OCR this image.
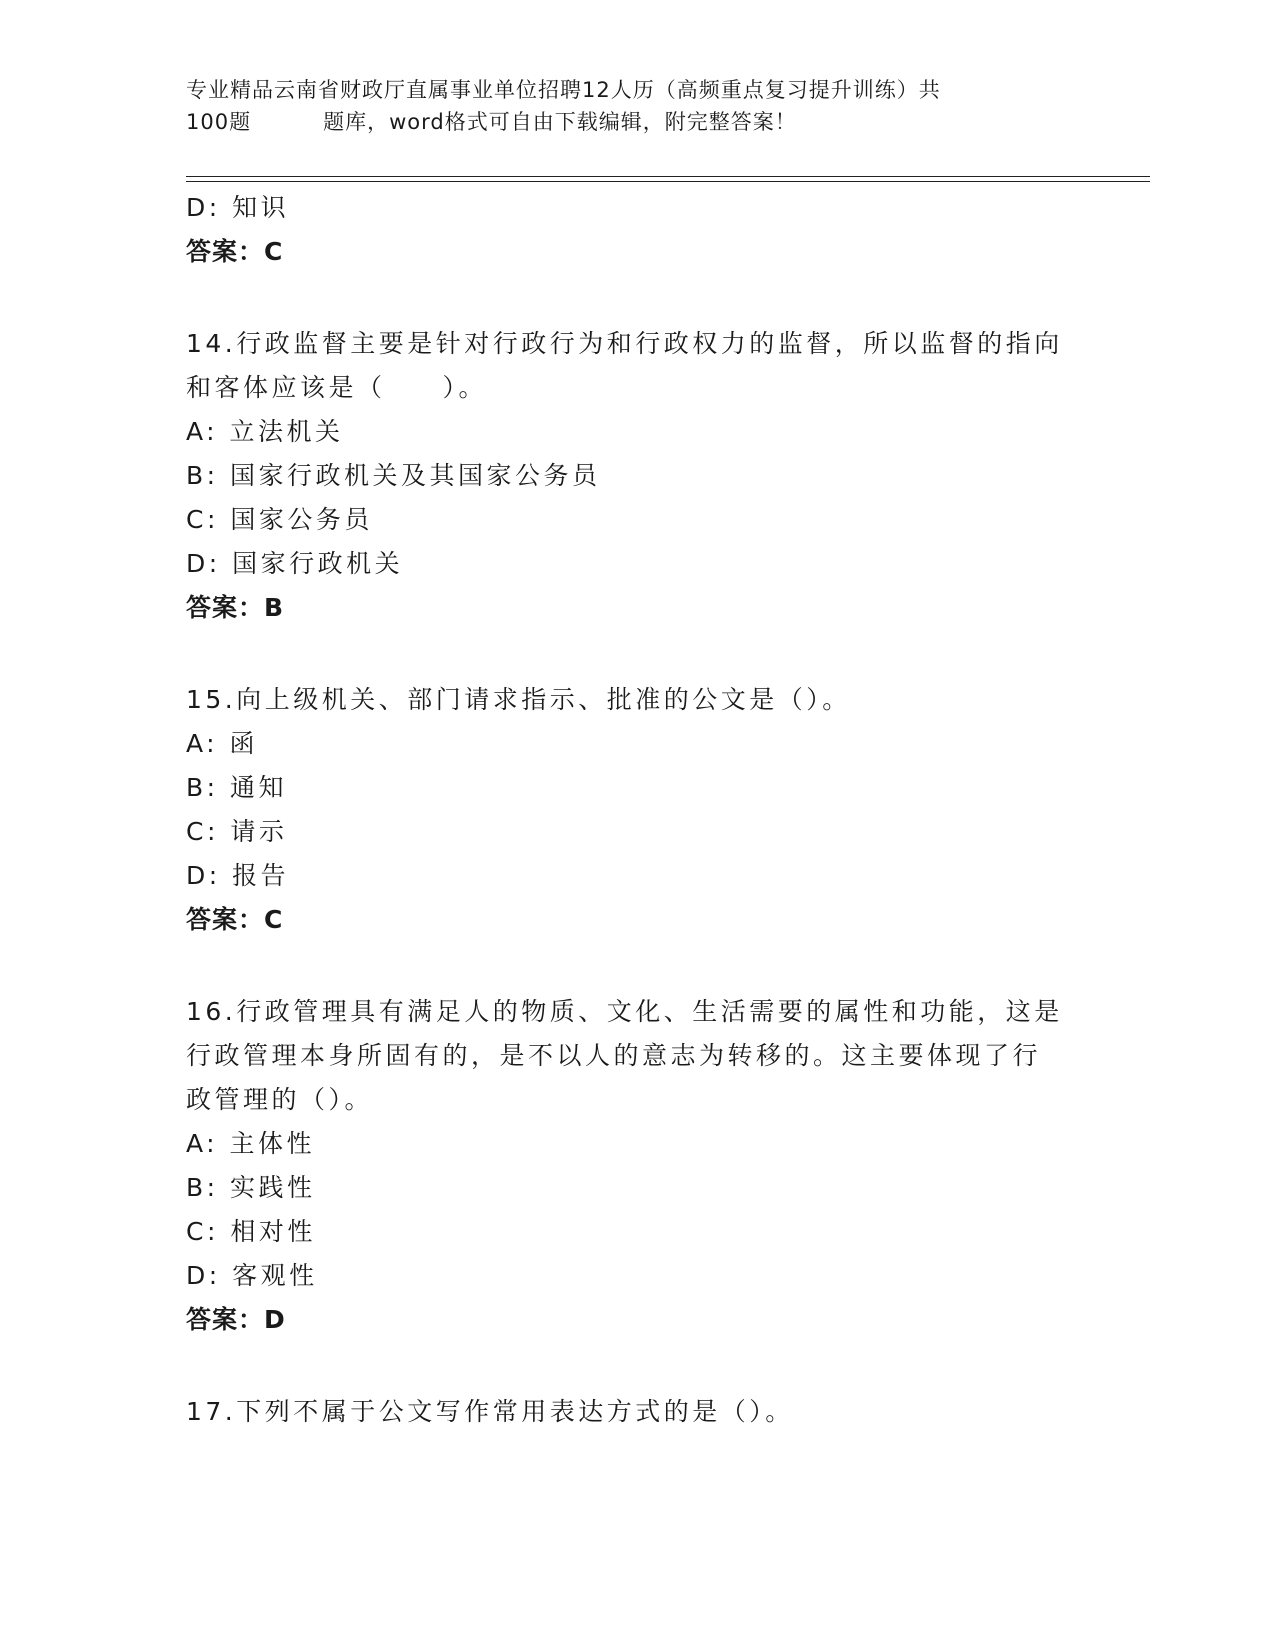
专业精品云南省财政厅直属事业单位招聘12人历（高频重点复习提升训练）共
100题	题库，word格式可自由下载编辑，附完整答案！
D: 知识
答案：C
14.行政监督主要是针对行政行为和行政权力的监督，所以监督的指向
和客体应该是（　　）。
A: 立法机关
B: 国家行政机关及其国家公务员
C: 国家公务员
D: 国家行政机关
答案：B
15.向上级机关、部门请求指示、批准的公文是（）。
A: 函
B: 通知
C: 请示
D: 报告
答案：C
16.行政管理具有满足人的物质、文化、生活需要的属性和功能，这是
行政管理本身所固有的，是不以人的意志为转移的。这主要体现了行
政管理的（）。
A: 主体性
B: 实践性
C: 相对性
D: 客观性
答案：D
17.下列不属于公文写作常用表达方式的是（）。
